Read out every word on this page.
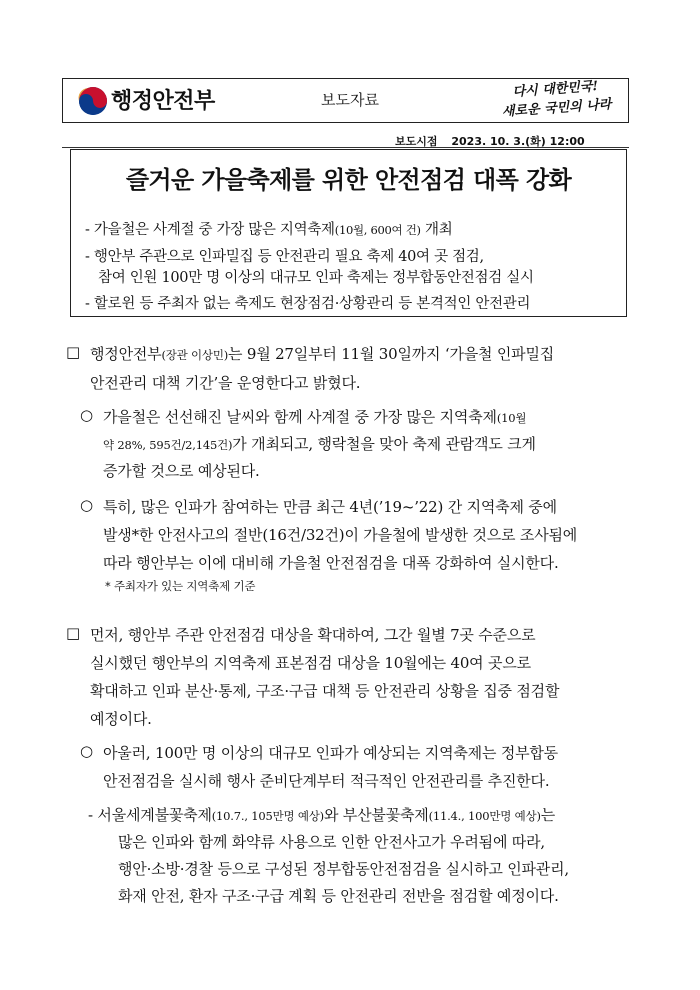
행정안전부	보도자료
다시 대한민국!
새로운 국민의 나라
보도시점 2023. 10. 3.(화) 12:00
즐거운 가을축제를 위한 안전점검 대폭 강화
- 가을철은 사계절 중 가장 많은 지역축제(10월, 600여 건) 개최
- 행안부 주관으로 인파밀집 등 안전관리 필요 축제 40여 곳 점검,
참여 인원 100만 명 이상의 대규모 인파 축제는 정부합동안전점검 실시
- 할로윈 등 주최자 없는 축제도 현장점검·상황관리 등 본격적인 안전관리
□ 행정안전부(장관 이상민)는 9월 27일부터 11월 30일까지 ‘가을철 인파밀집
안전관리 대책 기간’을 운영한다고 밝혔다.
○ 가을철은 선선해진 날씨와 함께 사계절 중 가장 많은 지역축제(10월
약 28%, 595건/2,145건)가 개최되고, 행락철을 맞아 축제 관람객도 크게
증가할 것으로 예상된다.
○ 특히, 많은 인파가 참여하는 만큼 최근 4년(’19~’22) 간 지역축제 중에
발생*한 안전사고의 절반(16건/32건)이 가을철에 발생한 것으로 조사됨에
따라 행안부는 이에 대비해 가을철 안전점검을 대폭 강화하여 실시한다.
* 주최자가 있는 지역축제 기준
□ 먼저, 행안부 주관 안전점검 대상을 확대하여, 그간 월별 7곳 수준으로
실시했던 행안부의 지역축제 표본점검 대상을 10월에는 40여 곳으로
확대하고 인파 분산·통제, 구조·구급 대책 등 안전관리 상황을 집중 점검할
예정이다.
○ 아울러, 100만 명 이상의 대규모 인파가 예상되는 지역축제는 정부합동
안전점검을 실시해 행사 준비단계부터 적극적인 안전관리를 추진한다.
- 서울세계불꽃축제(10.7., 105만명 예상)와 부산불꽃축제(11.4., 100만명 예상)는
많은 인파와 함께 화약류 사용으로 인한 안전사고가 우려됨에 따라,
행안·소방·경찰 등으로 구성된 정부합동안전점검을 실시하고 인파관리,
화재 안전, 환자 구조·구급 계획 등 안전관리 전반을 점검할 예정이다.
